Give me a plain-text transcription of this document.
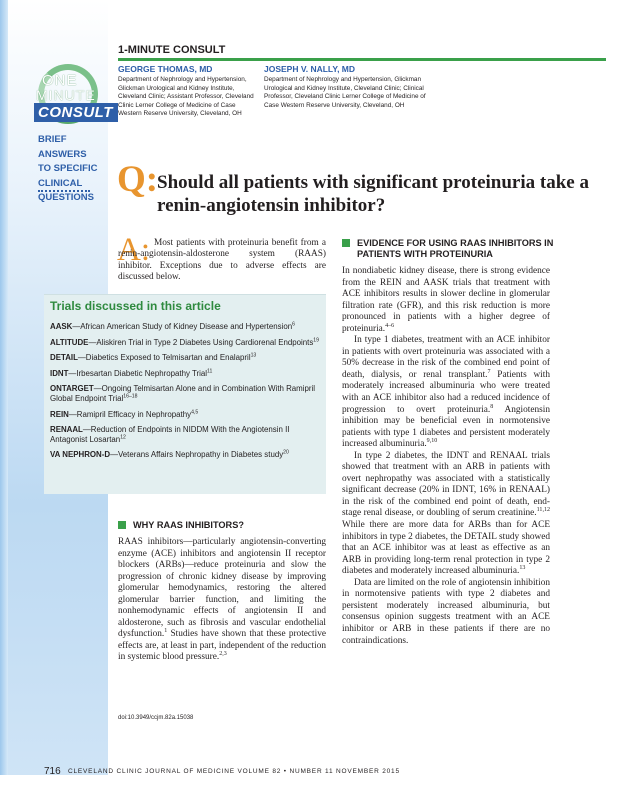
ONE
MINUTE
CONSULT
BRIEF ANSWERS
TO SPECIFIC
CLINICAL
QUESTIONS
1-MINUTE CONSULT
GEORGE THOMAS, MD
Department of Nephrology and Hypertension, Glickman Urological and Kidney Institute, Cleveland Clinic; Assistant Professor, Cleveland Clinic Lerner College of Medicine of Case Western Reserve University, Cleveland, OH
JOSEPH V. NALLY, MD
Department of Nephrology and Hypertension, Glickman Urological and Kidney Institute, Cleveland Clinic; Clinical Professor, Cleveland Clinic Lerner College of Medicine of Case Western Reserve University, Cleveland, OH
Q:
Should all patients with significant proteinuria take a renin-angiotensin inhibitor?
A: Most patients with proteinuria benefit from a renin-angiotensin-aldosterone system (RAAS) inhibitor. Exceptions due to adverse effects are discussed below.
Trials discussed in this article
AASK—African American Study of Kidney Disease and Hypertension$^6$
ALTITUDE—Aliskiren Trial in Type 2 Diabetes Using Cardiorenal Endpoints$^{19}$
DETAIL—Diabetics Exposed to Telmisartan and Enalapril$^{13}$
IDNT—Irbesartan Diabetic Nephropathy Trial$^{11}$
ONTARGET—Ongoing Telmisartan Alone and in Combination With Ramipril Global Endpoint Trial$^{16-18}$
REIN—Ramipril Efficacy in Nephropathy$^{4,5}$
RENAAL—Reduction of Endpoints in NIDDM With the Angiotensin II Antagonist Losartan$^{12}$
VA NEPHRON-D—Veterans Affairs Nephropathy in Diabetes study$^{20}$
WHY RAAS INHIBITORS?

RAAS inhibitors—particularly angiotensin-converting enzyme (ACE) inhibitors and angiotensin II receptor blockers (ARBs)—reduce proteinuria and slow the progression of chronic kidney disease by improving glomerular hemodynamics, restoring the altered glomerular barrier function, and limiting the nonhemodynamic effects of angiotensin II and aldosterone, such as fibrosis and vascular endothelial dysfunction.$^1$ Studies have shown that these protective effects are, at least in part, independent of the reduction in systemic blood pressure.$^{2,3}$

EVIDENCE FOR USING RAAS INHIBITORS IN PATIENTS WITH PROTEINURIA

In nondiabetic kidney disease, there is strong evidence from the REIN and AASK trials that treatment with ACE inhibitors results in slower decline in glomerular filtration rate (GFR), and this risk reduction is more pronounced in patients with a higher degree of proteinuria.$^{4-6}$

In type 1 diabetes, treatment with an ACE inhibitor in patients with overt proteinuria was associated with a 50% decrease in the risk of the combined end point of death, dialysis, or renal transplant.$^7$ Patients with moderately increased albuminuria who were treated with an ACE inhibitor also had a reduced incidence of progression to overt proteinuria.$^8$ Angiotensin inhibition may be beneficial even in normotensive patients with type 1 diabetes and persistent moderately increased albuminuria.$^{9,10}$

In type 2 diabetes, the IDNT and RENAAL trials showed that treatment with an ARB in patients with overt nephropathy was associated with a statistically significant decrease (20% in IDNT, 16% in RENAAL) in the risk of the combined end point of death, end-stage renal disease, or doubling of serum creatinine.$^{11,12}$ While there are more data for ARBs than for ACE inhibitors in type 2 diabetes, the DETAIL study showed that an ACE inhibitor was at least as effective as an ARB in providing long-term renal protection in type 2 diabetes and moderately increased albuminuria.$^{13}$

Data are limited on the role of angiotensin inhibition in normotensive patients with type 2 diabetes and persistent moderately increased albuminuria, but consensus opinion suggests treatment with an ACE inhibitor or ARB in these patients if there are no contraindications.

doi:10.3949/ccjm.82a.15038
716 CLEVELAND CLINIC JOURNAL OF MEDICINE VOLUME 82 • NUMBER 11 NOVEMBER 2015
